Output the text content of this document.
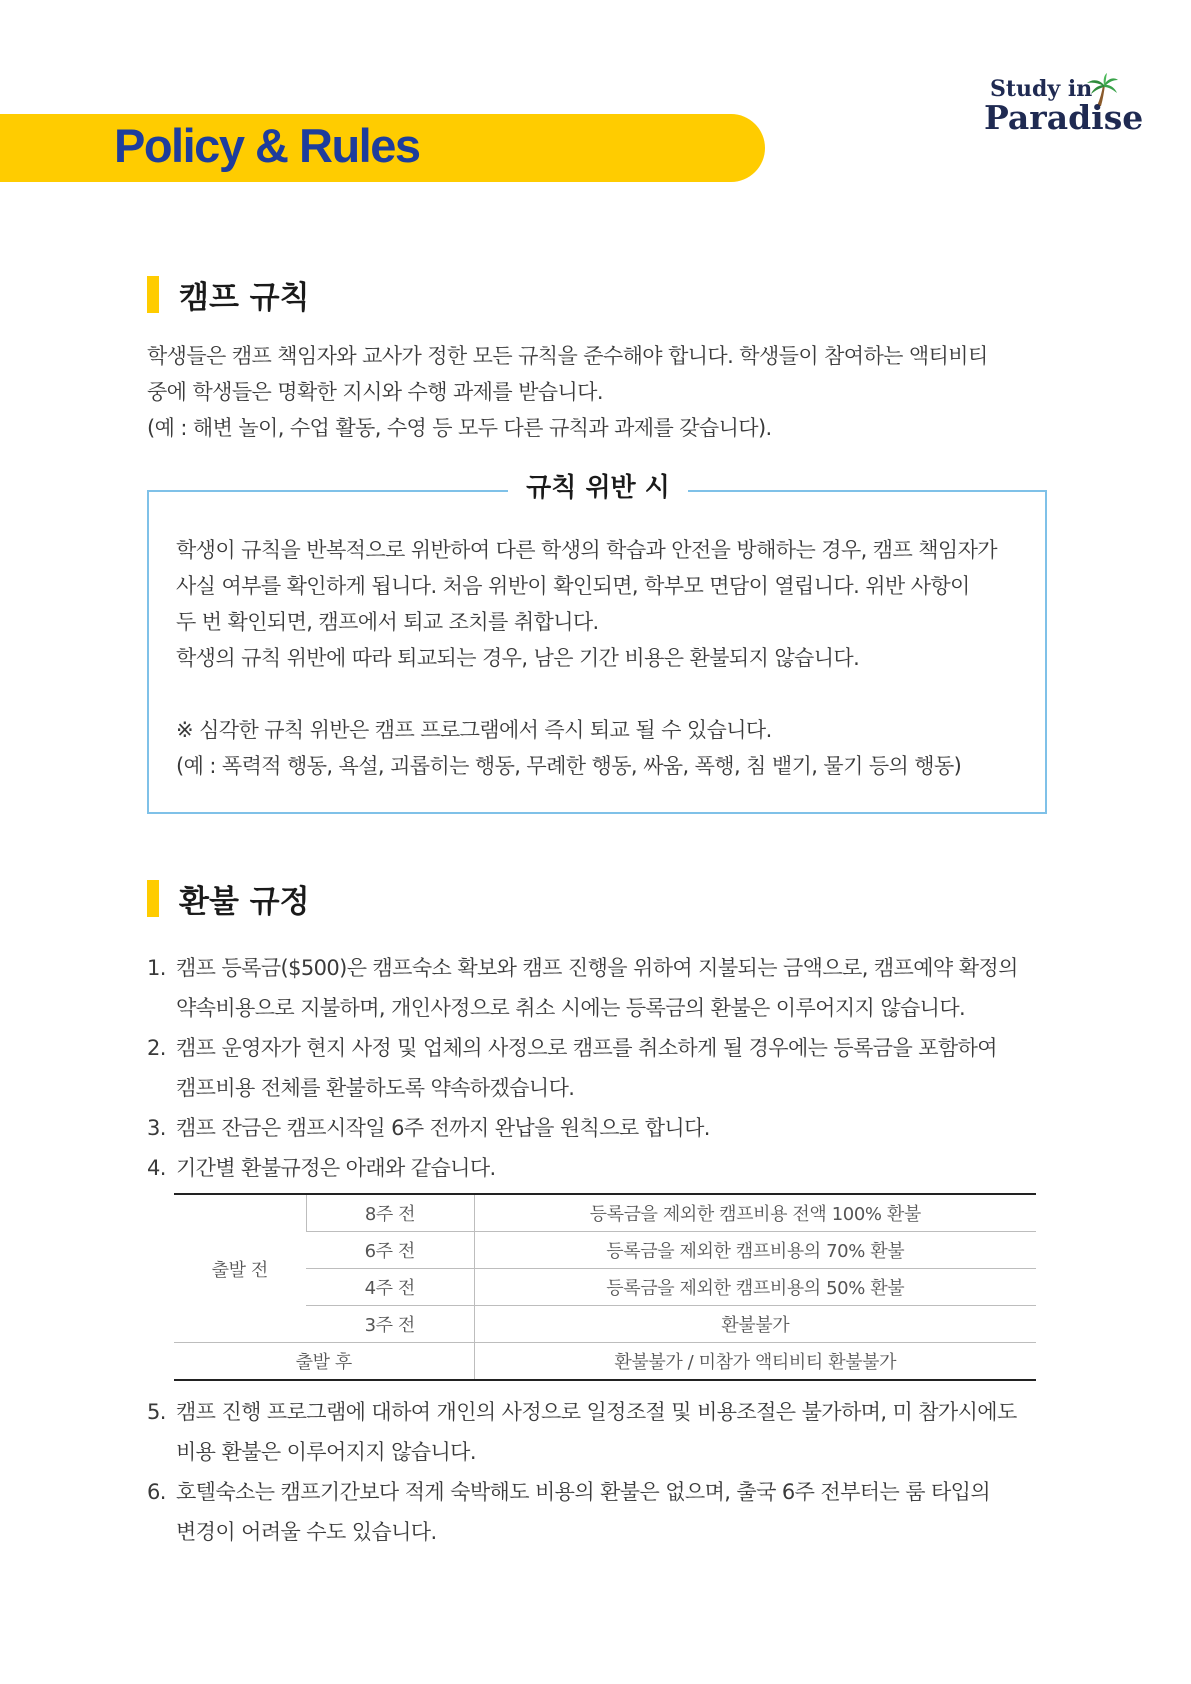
Policy & Rules
Study in
Paradise
캠프 규칙
학생들은 캠프 책임자와 교사가 정한 모든 규칙을 준수해야 합니다. 학생들이 참여하는 액티비티
중에 학생들은 명확한 지시와 수행 과제를 받습니다.
(예 : 해변 놀이, 수업 활동, 수영 등 모두 다른 규칙과 과제를 갖습니다).
규칙 위반 시
학생이 규칙을 반복적으로 위반하여 다른 학생의 학습과 안전을 방해하는 경우, 캠프 책임자가
사실 여부를 확인하게 됩니다. 처음 위반이 확인되면, 학부모 면담이 열립니다. 위반 사항이
두 번 확인되면, 캠프에서 퇴교 조치를 취합니다.
학생의 규칙 위반에 따라 퇴교되는 경우, 남은 기간 비용은 환불되지 않습니다.
※ 심각한 규칙 위반은 캠프 프로그램에서 즉시 퇴교 될 수 있습니다.
(예 : 폭력적 행동, 욕설, 괴롭히는 행동, 무례한 행동, 싸움, 폭행, 침 뱉기, 물기 등의 행동)
환불 규정
1. 캠프 등록금($500)은 캠프숙소 확보와 캠프 진행을 위하여 지불되는 금액으로, 캠프예약 확정의
약속비용으로 지불하며, 개인사정으로 취소 시에는 등록금의 환불은 이루어지지 않습니다.
2. 캠프 운영자가 현지 사정 및 업체의 사정으로 캠프를 취소하게 될 경우에는 등록금을 포함하여
캠프비용 전체를 환불하도록 약속하겠습니다.
3. 캠프 잔금은 캠프시작일 6주 전까지 완납을 원칙으로 합니다.
4. 기간별 환불규정은 아래와 같습니다.
출발 전	8주 전	등록금을 제외한 캠프비용 전액 100% 환불
	6주 전	등록금을 제외한 캠프비용의 70% 환불
	4주 전	등록금을 제외한 캠프비용의 50% 환불
	3주 전	환불불가
출발 후		환불불가 / 미참가 액티비티 환불불가
5. 캠프 진행 프로그램에 대하여 개인의 사정으로 일정조절 및 비용조절은 불가하며, 미 참가시에도
비용 환불은 이루어지지 않습니다.
6. 호텔숙소는 캠프기간보다 적게 숙박해도 비용의 환불은 없으며, 출국 6주 전부터는 룸 타입의
변경이 어려울 수도 있습니다.
